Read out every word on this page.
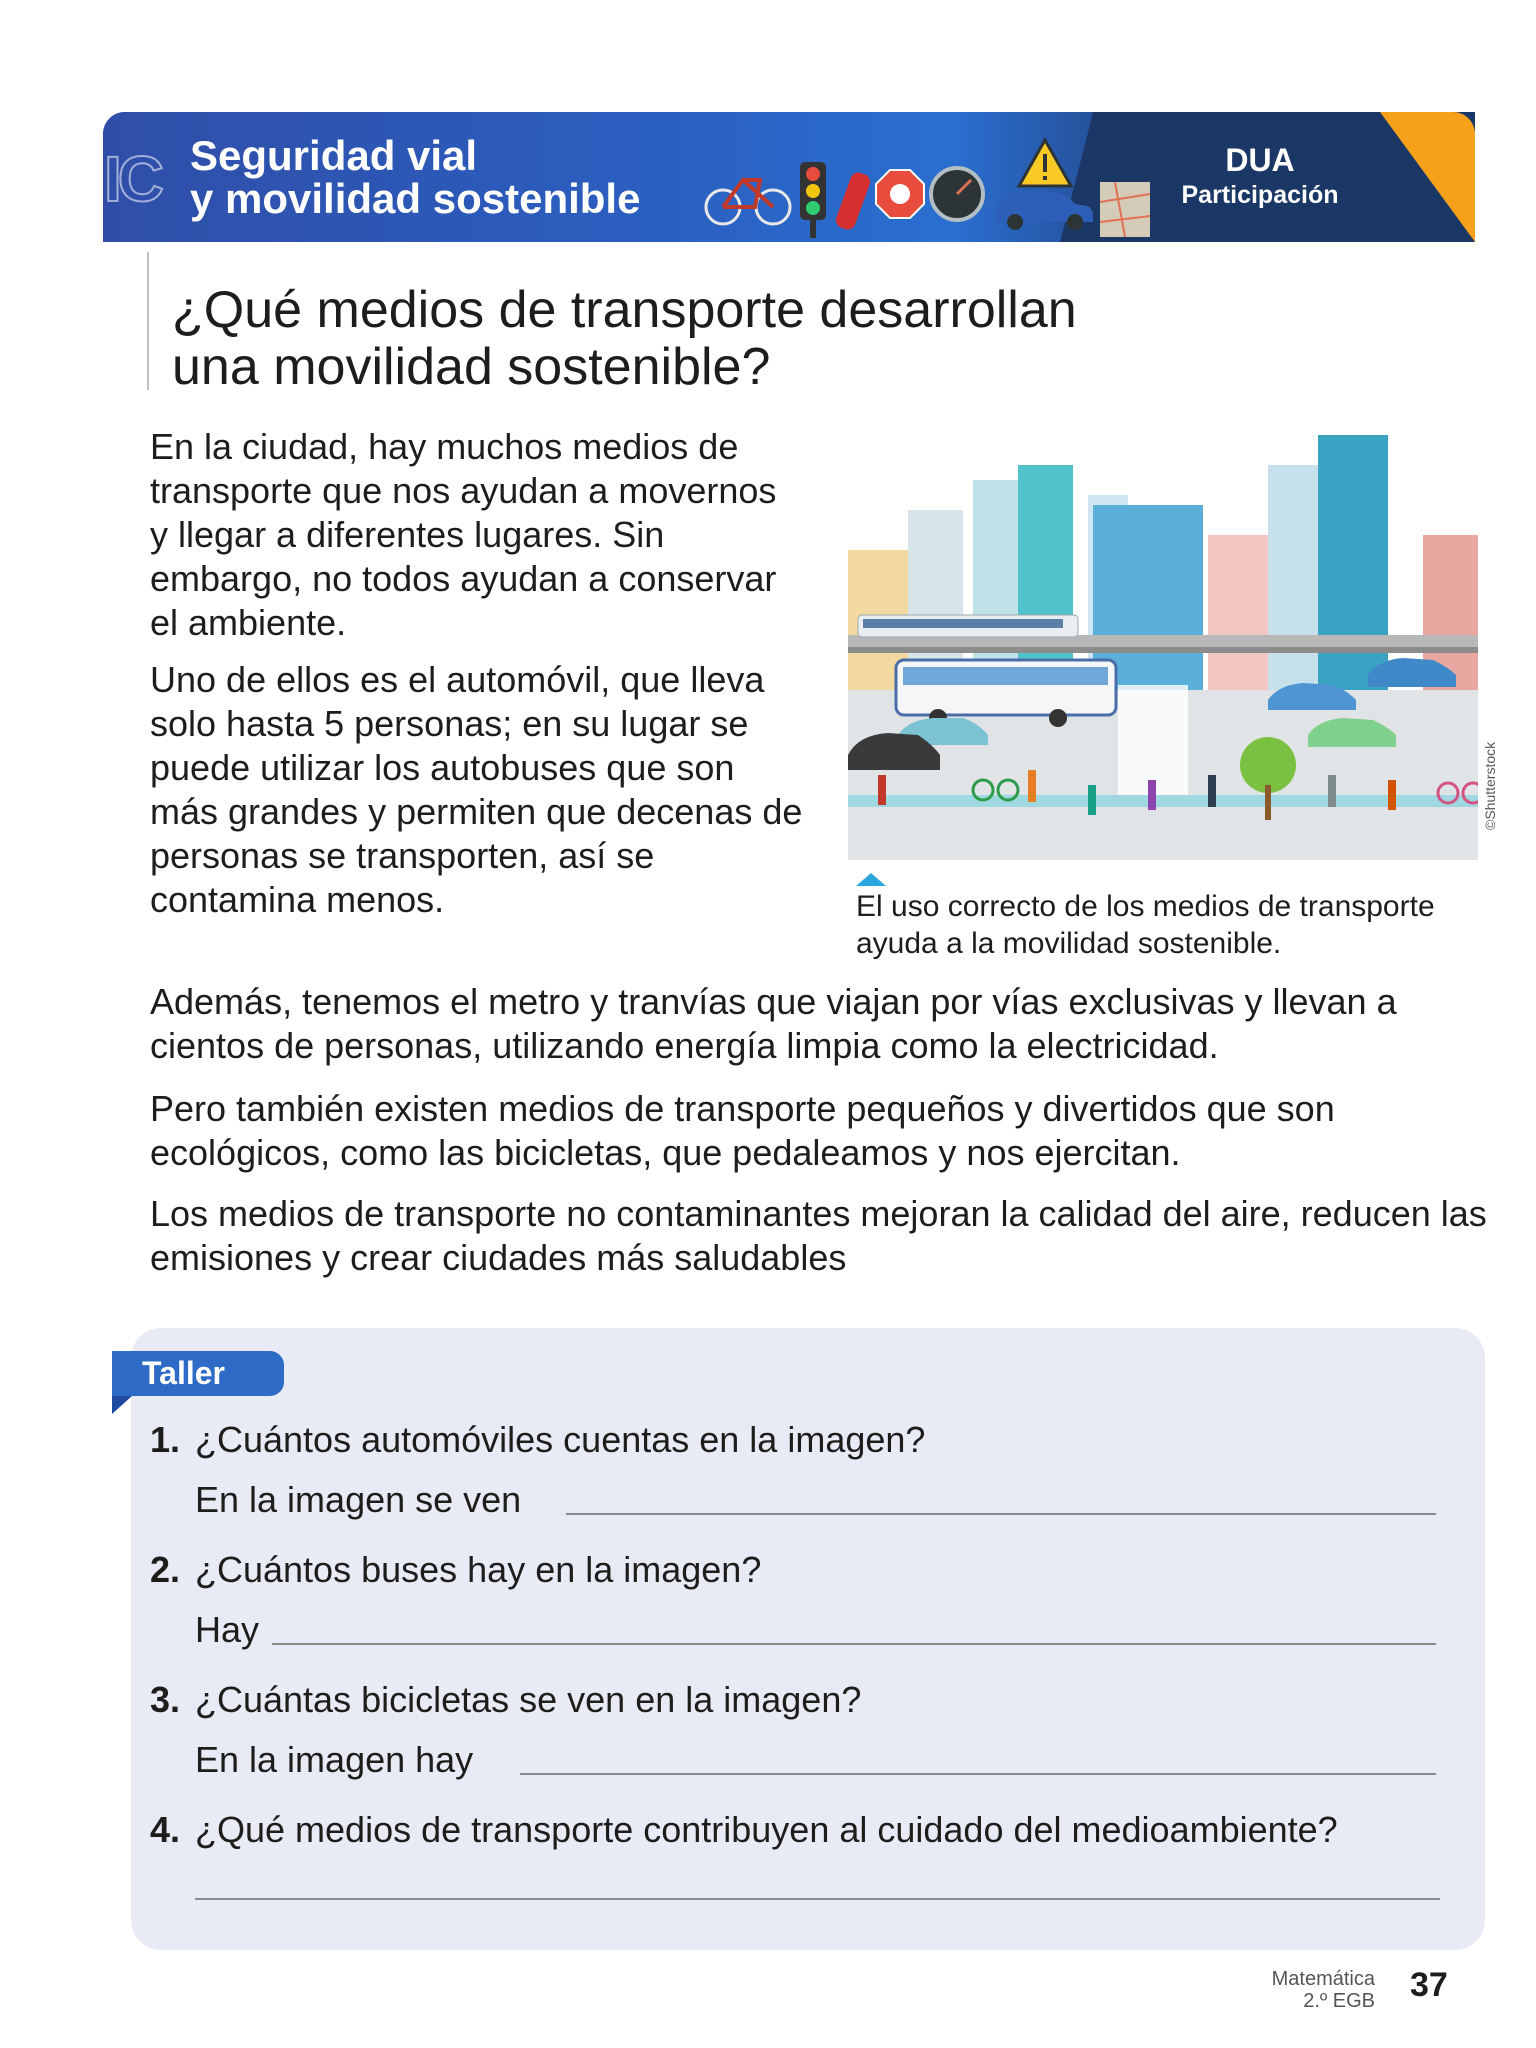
IC Seguridad vial
y movilidad sostenible
DUA
Participación
¿Qué medios de transporte desarrollan
una movilidad sostenible?

En la ciudad, hay muchos medios de transporte que nos ayudan a movernos y llegar a diferentes lugares. Sin embargo, no todos ayudan a conservar el ambiente.

Uno de ellos es el automóvil, que lleva solo hasta 5 personas; en su lugar se puede utilizar los autobuses que son más grandes y permiten que decenas de personas se transporten, así se contamina menos.

©Shutterstock
El uso correcto de los medios de transporte ayuda a la movilidad sostenible.

Además, tenemos el metro y tranvías que viajan por vías exclusivas y llevan a cientos de personas, utilizando energía limpia como la electricidad.

Pero también existen medios de transporte pequeños y divertidos que son ecológicos, como las bicicletas, que pedaleamos y nos ejercitan.

Los medios de transporte no contaminantes mejoran la calidad del aire, reducen las emisiones y crear ciudades más saludables

Taller
1. ¿Cuántos automóviles cuentas en la imagen?
En la imagen se ven
2. ¿Cuántos buses hay en la imagen?
Hay
3. ¿Cuántas bicicletas se ven en la imagen?
En la imagen hay
4. ¿Qué medios de transporte contribuyen al cuidado del medioambiente?
Matemática
2.º EGB 37
